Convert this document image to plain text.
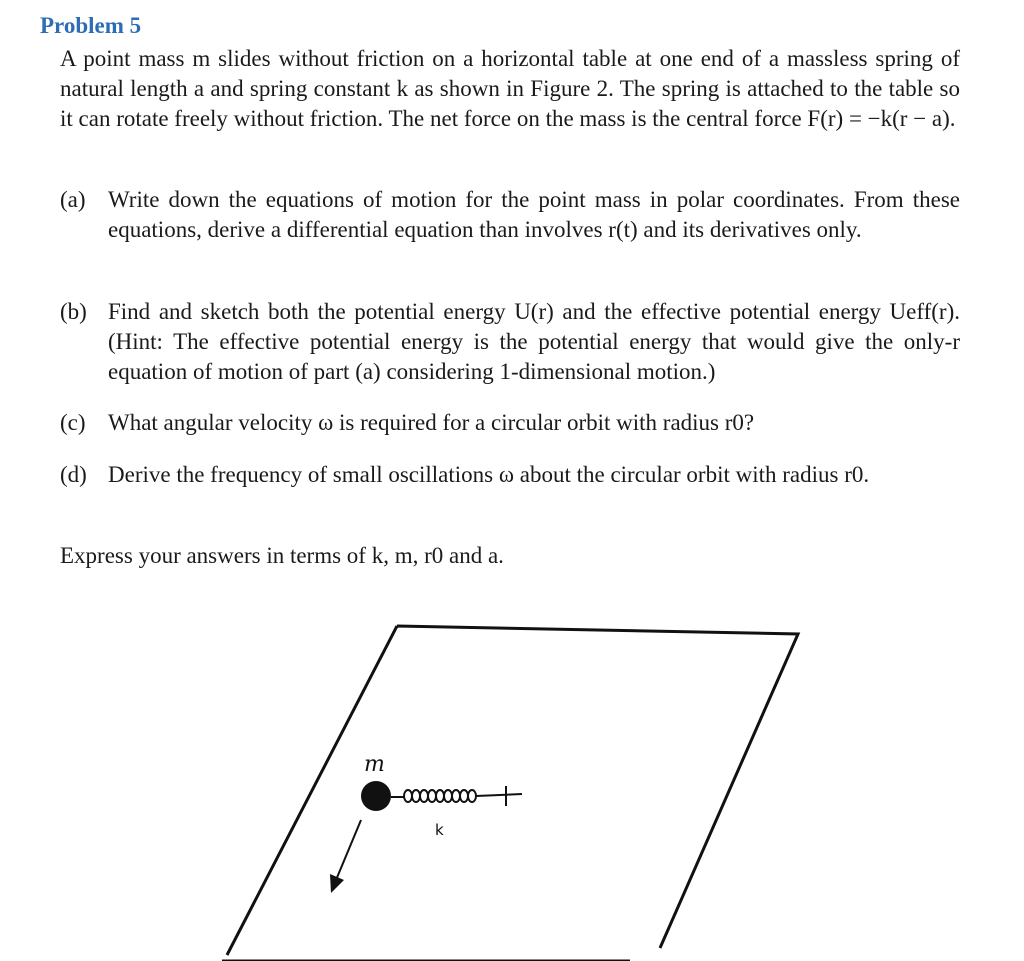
Problem 5
A point mass m slides without friction on a horizontal table at one end of a massless spring of natural length a and spring constant k as shown in Figure 2. The spring is attached to the table so it can rotate freely without friction. The net force on the mass is the central force F(r) = −k(r − a).
(a) Write down the equations of motion for the point mass in polar coordinates. From these equations, derive a differential equation than involves r(t) and its derivatives only.
(b) Find and sketch both the potential energy U(r) and the effective potential energy Ueff(r). (Hint: The effective potential energy is the potential energy that would give the only-r equation of motion of part (a) considering 1-dimensional motion.)
(c) What angular velocity ω is required for a circular orbit with radius r0?
(d) Derive the frequency of small oscillations ω about the circular orbit with radius r0.
Express your answers in terms of k, m, r0 and a.
m
k
